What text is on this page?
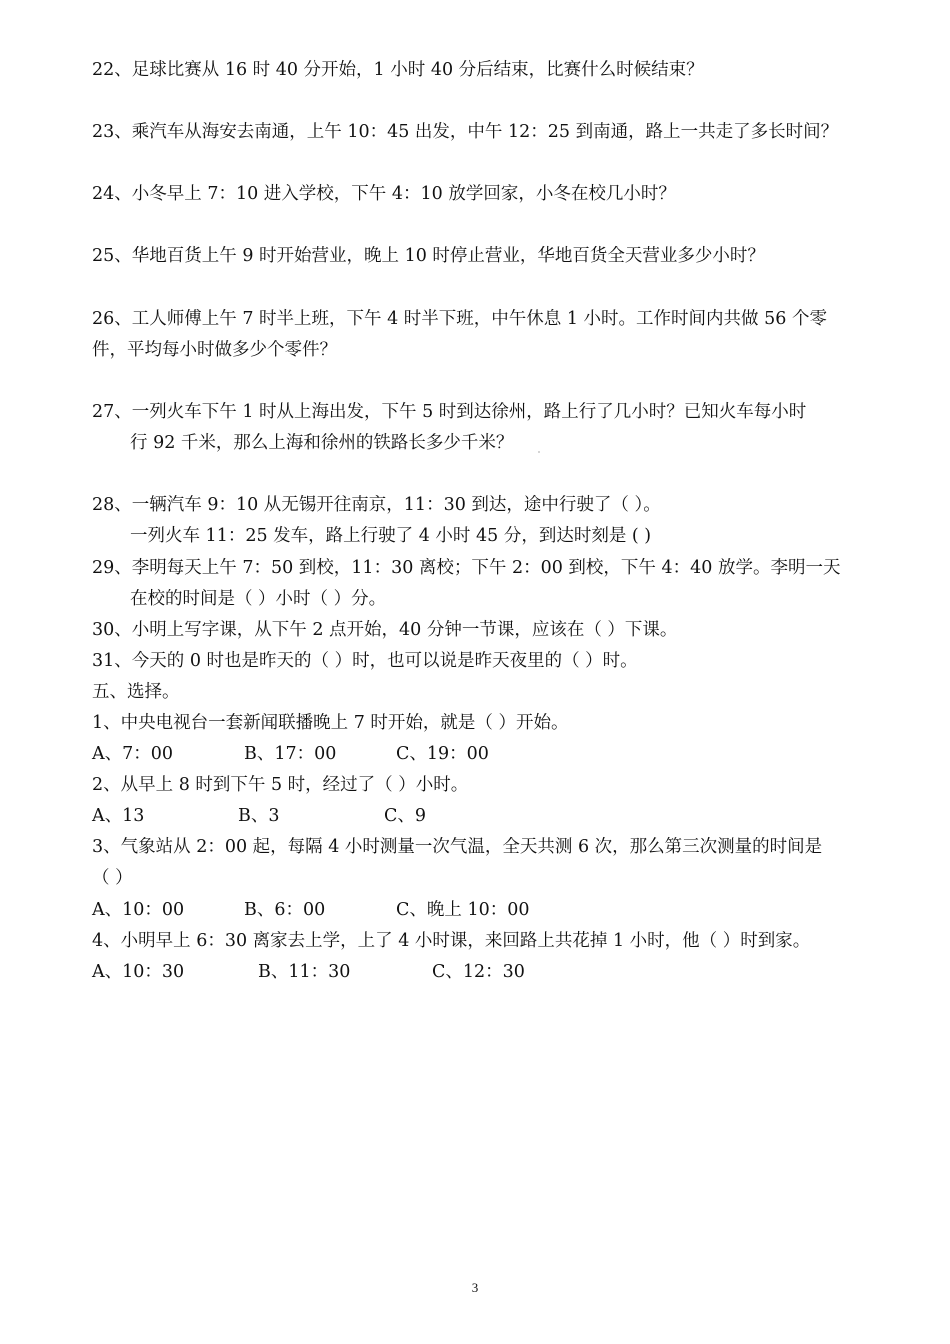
22、足球比赛从 16 时 40 分开始，1 小时 40 分后结束，比赛什么时候结束？
23、乘汽车从海安去南通，上午 10：45 出发，中午 12：25 到南通，路上一共走了多长时间？
24、小冬早上 7：10 进入学校，下午 4：10 放学回家，小冬在校几小时？
25、华地百货上午 9 时开始营业，晚上 10 时停止营业，华地百货全天营业多少小时？
26、工人师傅上午 7 时半上班，下午 4 时半下班，中午休息 1 小时。工作时间内共做 56 个零
件，平均每小时做多少个零件？
27、一列火车下午 1 时从上海出发，下午 5 时到达徐州，路上行了几小时？已知火车每小时
行 92 千米，那么上海和徐州的铁路长多少千米？
28、一辆汽车 9：10 从无锡开往南京，11：30 到达，途中行驶了（ ）。
一列火车 11：25 发车，路上行驶了 4 小时 45 分，到达时刻是 ( )
29、李明每天上午 7：50 到校，11：30 离校；下午 2：00 到校，下午 4：40 放学。李明一天
在校的时间是（ ）小时（ ）分。
30、小明上写字课，从下午 2 点开始，40 分钟一节课，应该在（ ）下课。
31、今天的 0 时也是昨天的（ ）时，也可以说是昨天夜里的（ ）时。
五、选择。
1、中央电视台一套新闻联播晚上 7 时开始，就是（ ）开始。
A、7：00	B、17：00	C、19：00
2、从早上 8 时到下午 5 时，经过了（ ）小时。
A、13	B、3	C、9
3、气象站从 2：00 起，每隔 4 小时测量一次气温，全天共测 6 次，那么第三次测量的时间是
（ ）
A、10：00	B、6：00	C、晚上 10：00
4、小明早上 6：30 离家去上学，上了 4 小时课，来回路上共花掉 1 小时，他（ ）时到家。
A、10：30	B、11：30	C、12：30
3
